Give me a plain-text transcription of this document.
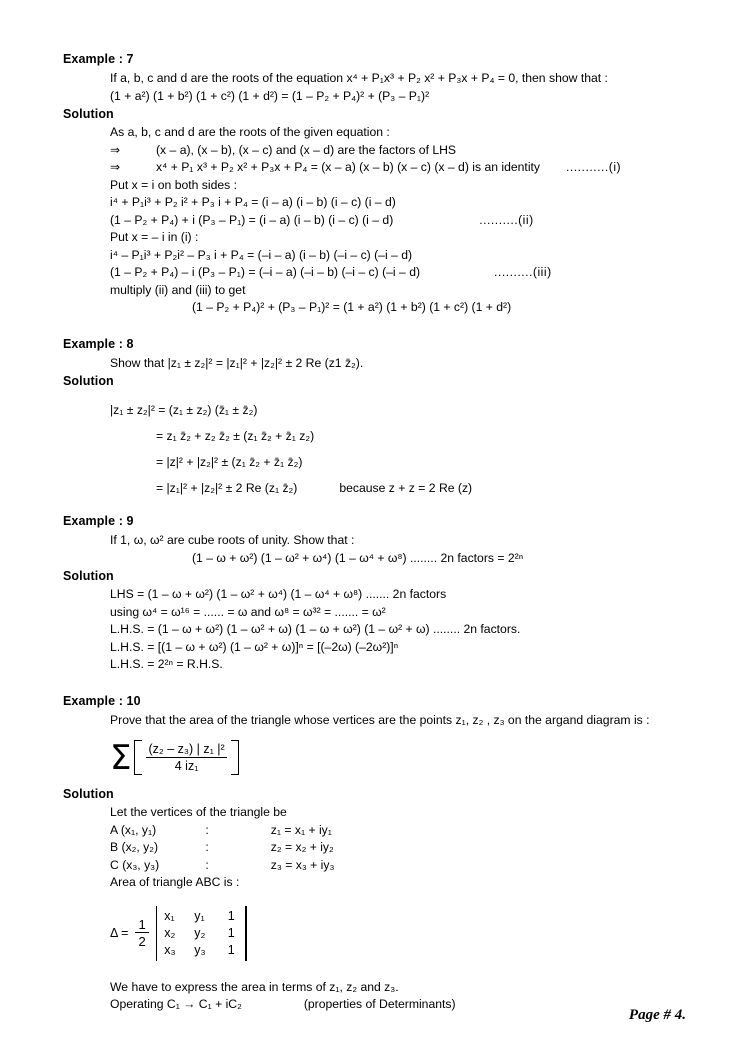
Example : 7
If a, b, c and d are the roots of the equation x⁴ + P₁x³ + P₂ x² + P₃x + P₄ = 0, then show that :
(1 + a²) (1 + b²) (1 + c²) (1 + d²) = (1 – P₂ + P₄)² + (P₃ – P₁)²
Solution
As a, b, c and d are the roots of the given equation :
⇒	(x – a), (x – b), (x – c) and (x – d) are the factors of LHS
⇒	x⁴ + P₁ x³ + P₂ x² + P₃x + P₄ = (x – a) (x – b) (x – c) (x – d) is an identity ...........(i)
Put x = i on both sides :
i⁴ + P₁i³ + P₂ i² + P₃ i + P₄ = (i – a) (i – b) (i – c) (i – d)
(1 – P₂ + P₄) + i (P₃ – P₁) = (i – a) (i – b) (i – c) (i – d)	..........(ii)
Put x = – i in (i) :
i⁴ – P₁i³ + P₂i² – P₃ i + P₄ = (–i – a) (i – b) (–i – c) (–i – d)
(1 – P₂ + P₄) – i (P₃ – P₁) = (–i – a) (–i – b) (–i – c) (–i – d)	..........(iii)
multiply (ii) and (iii) to get
(1 – P₂ + P₄)² + (P₃ – P₁)² = (1 + a²) (1 + b²) (1 + c²) (1 + d²)
Example : 8
Show that |z₁ ± z₂|² = |z₁|² + |z₂|² ± 2 Re (z1 z̄₂).
Solution
|z₁ ± z₂|² = (z₁ ± z₂) (z̄₁ ± z̄₂)
= z₁ z̄₂ + z₂ z̄₂ ± (z₁ z̄₂ + z̄₁ z₂)
= |z|² + |z₂|² ± (z₁ z̄₂ + z̄₁ z̄₂)
= |z₁|² + |z₂|² ± 2 Re (z₁ z̄₂)	because z + z = 2 Re (z)
Example : 9
If 1, ω, ω² are cube roots of unity. Show that :
(1 – ω + ω²) (1 – ω² + ω⁴) (1 – ω⁴ + ω⁸) ........ 2n factors = 2²ⁿ
Solution
LHS = (1 – ω + ω²) (1 – ω² + ω⁴) (1 – ω⁴ + ω⁸) ....... 2n factors
using ω⁴ = ω¹⁶ = ...... = ω and ω⁸ = ω³² = ....... = ω²
L.H.S. = (1 – ω + ω²) (1 – ω² + ω) (1 – ω + ω²) (1 – ω² + ω) ........ 2n factors.
L.H.S. = [(1 – ω + ω²) (1 – ω² + ω)]ⁿ = [(–2ω) (–2ω²)]ⁿ
L.H.S. = 2²ⁿ = R.H.S.
Example : 10
Prove that the area of the triangle whose vertices are the points z₁, z₂ , z₃ on the argand diagram is :
Σ $\frac{\text{(z₂ – z₃) | z₁ |²}}{\text{4 iz₁}}$
Solution
Let the vertices of the triangle be
A (x₁, y₁)	:	z₁ = x₁ + iy₁
B (x₂, y₂)	:	z₂ = x₂ + iy₂
C (x₃, y₃)	:	z₃ = x₃ + iy₃
Area of triangle ABC is :
$\Delta = \frac{1}{2}$
x₁	y₁	1
x₂	y₂	1
x₃	y₃	1
We have to express the area in terms of z₁, z₂ and z₃.
Operating C₁ → C₁ + iC₂	(properties of Determinants)
Page # 4.
